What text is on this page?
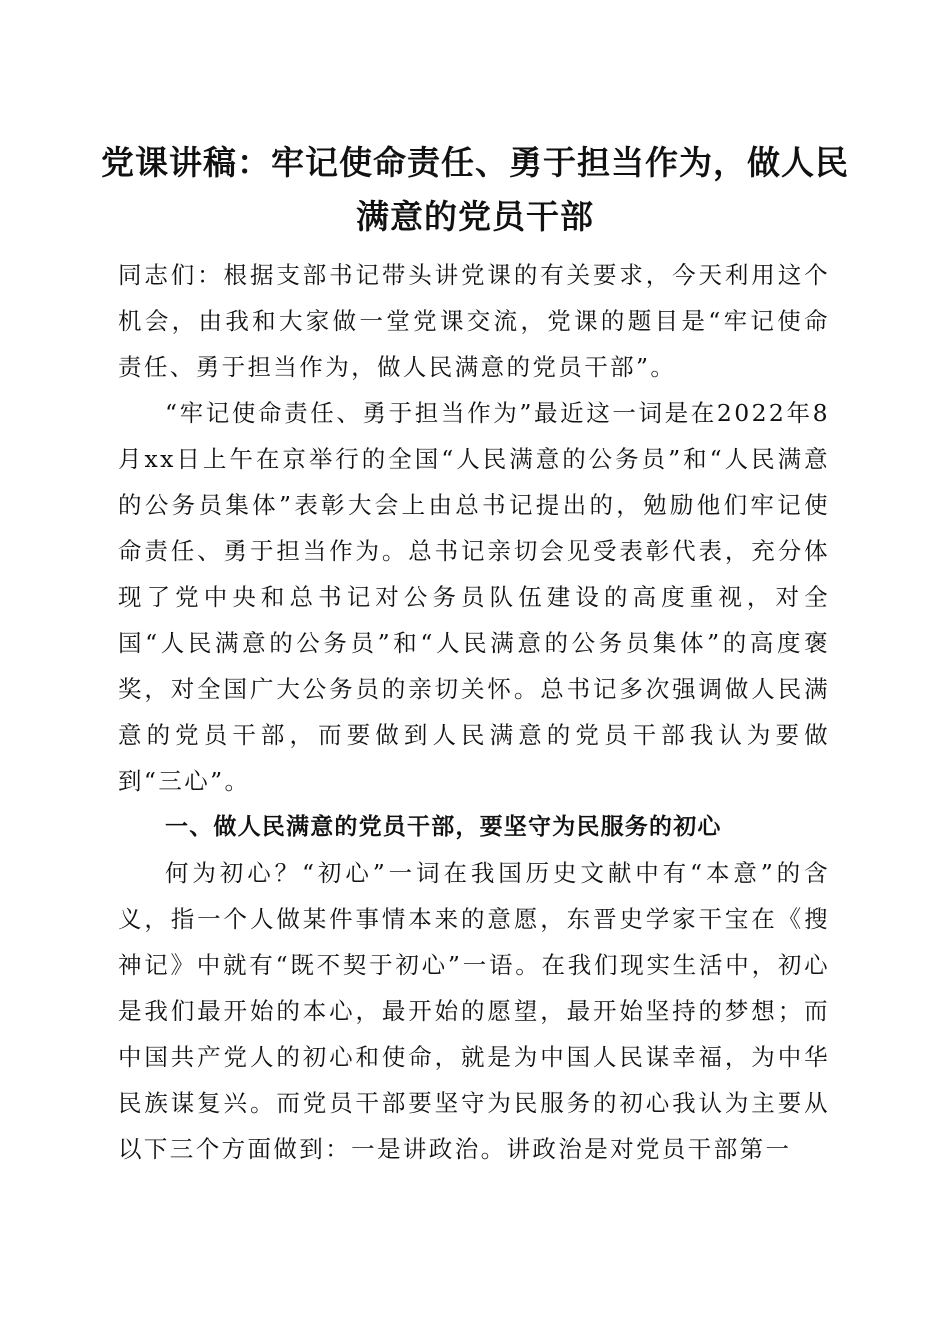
党课讲稿：牢记使命责任、勇于担当作为，做人民满意的党员干部

同志们：根据支部书记带头讲党课的有关要求，今天利用这个机会，由我和大家做一堂党课交流，党课的题目是“牢记使命责任、勇于担当作为，做人民满意的党员干部”。

“牢记使命责任、勇于担当作为”最近这一词是在2022年8月xx日上午在京举行的全国“人民满意的公务员”和“人民满意的公务员集体”表彰大会上由总书记提出的，勉励他们牢记使命责任、勇于担当作为。总书记亲切会见受表彰代表，充分体现了党中央和总书记对公务员队伍建设的高度重视，对全国“人民满意的公务员”和“人民满意的公务员集体”的高度褒奖，对全国广大公务员的亲切关怀。总书记多次强调做人民满意的党员干部，而要做到人民满意的党员干部我认为要做到“三心”。

一、做人民满意的党员干部，要坚守为民服务的初心

何为初心？“初心”一词在我国历史文献中有“本意”的含义，指一个人做某件事情本来的意愿，东晋史学家干宝在《搜神记》中就有“既不契于初心”一语。在我们现实生活中，初心是我们最开始的本心，最开始的愿望，最开始坚持的梦想；而中国共产党人的初心和使命，就是为中国人民谋幸福，为中华民族谋复兴。而党员干部要坚守为民服务的初心我认为主要从以下三个方面做到：一是讲政治。讲政治是对党员干部第一
